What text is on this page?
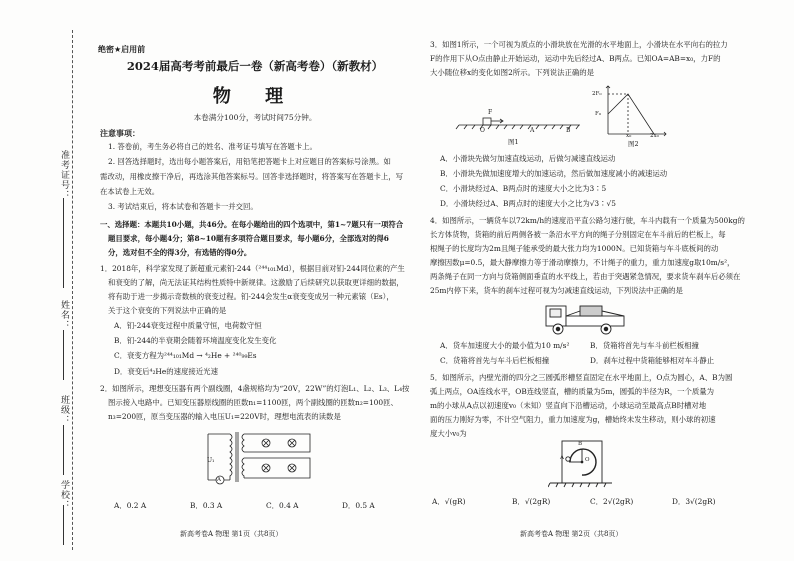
准考证号：
姓名：
班级：
学校：
绝密★启用前
2024届高考考前最后一卷（新高考卷）（新教材）
物 理
本卷满分100分，考试时间75分钟。
注意事项：
1. 答卷前，考生务必将自己的姓名、准考证号填写在答题卡上。
2. 回答选择题时，选出每小题答案后，用铅笔把答题卡上对应题目的答案标号涂黑。如
需改动，用橡皮擦干净后，再选涂其他答案标号。回答非选择题时，将答案写在答题卡上，写
在本试卷上无效。
3. 考试结束后，将本试卷和答题卡一并交回。
一、选择题：本题共10小题，共46分。在每小题给出的四个选项中，第1~7题只有一项符合
题目要求，每小题4分；第8~10题有多项符合题目要求，每小题6分，全部选对的得6
分，选对但不全的得3分，有选错的得0分。
1．2018年，科学家发现了新超重元素钔-244（²⁴⁴₁₀₁Md），根据目前对钔-244同位素的产生
和衰变的了解，尚无法证其结构性质特中新规律。这激励了后续研究以获取更详细的数据，
将有助于进一步揭示奇数核的衰变过程。钔-244会发生α衰变变成另一种元素锿（Es），
关于这个衰变的下列说法中正确的是
A．钔-244衰变过程中质量守恒，电荷数守恒
B．钔-244的半衰期会随着环境温度变化发生变化
C．衰变方程为²⁴⁴₁₀₁Md → ⁴₂He + ²⁴⁰₉₉Es
D．衰变后⁴₂He的速度接近光速
2．如图所示，理想变压器有两个副线圈，4盏规格均为“20V，22W”的灯泡L₁、L₂、L₃、L₄按
图示接入电路中。已知变压器原线圈的匝数n₁=1100匝，两个副线圈的匝数n₂=100匝、
n₃=200匝，原当变压器的输入电压U₁=220V时，理想电流表的读数是
U₁
A
A．0.2 A	B．0.3 A	C．0.4 A	D．0.5 A
新高考卷A 物理 第1页（共8页）
3．如图1所示，一个可视为质点的小滑块放在光滑的水平地面上，小滑块在水平向右的拉力
F的作用下从O点由静止开始运动，运动中先后经过A、B两点。已知OA=AB=x₀，力F的
大小随位移x的变化如图2所示。下列说法正确的是
F
O	A	B
图1
2F₀
F₀
x₀	2x₀
图2
A．小滑块先做匀加速直线运动，后做匀减速直线运动
B．小滑块先做加速度增大的加速运动，然后做加速度减小的减速运动
C．小滑块经过A、B两点时的速度大小之比为3∶5
D．小滑块经过A、B两点时的速度大小之比为√3∶√5
4．如图所示，一辆货车以72km/h的速度沿平直公路匀速行驶，车斗内载有一个质量为500kg的
长方体货物，货箱的前后两侧各被一条沿水平方向的绳子分别固定在车斗前后的栏板上，每
根绳子的长度均为2m且绳子能承受的最大张力均为1000N。已知货箱与车斗底板间的动
摩擦因数μ=0.5，最大静摩擦力等于滑动摩擦力，不计绳子的重力，重力加速度g取10m/s²，
两条绳子在同一方向与货箱侧面垂直的水平线上，若由于突遇紧急情况，要求货车刹车后必须在
25m内停下来，货车的刹车过程可视为匀减速直线运动，下列说法中正确的是
A．货车加速度大小的最小值为10 m/s²	B．货箱将首先与车斗前栏板相撞
C．货箱将首先与车斗后栏板相撞	D．刹车过程中货箱能够相对车斗静止
5．如图所示，内壁光滑的四分之三圆弧形槽竖直固定在水平地面上，O点为圆心，A、B为圆
弧上两点，OA连线水平，OB连线竖直，槽的质量为5m，圆弧的半径为R，一个质量为
m的小球从A点以初速度v₀（未知）竖直向下沿槽运动，小球运动至最高点B时槽对地
面的压力刚好为零，不计空气阻力，重力加速度为g，槽始终未发生移动，则小球的初速
度大小v₀为
A
B
O
A．√(gR)	B．√(2gR)	C．2√(2gR)	D．3√(2gR)
新高考卷A 物理 第2页（共8页）
